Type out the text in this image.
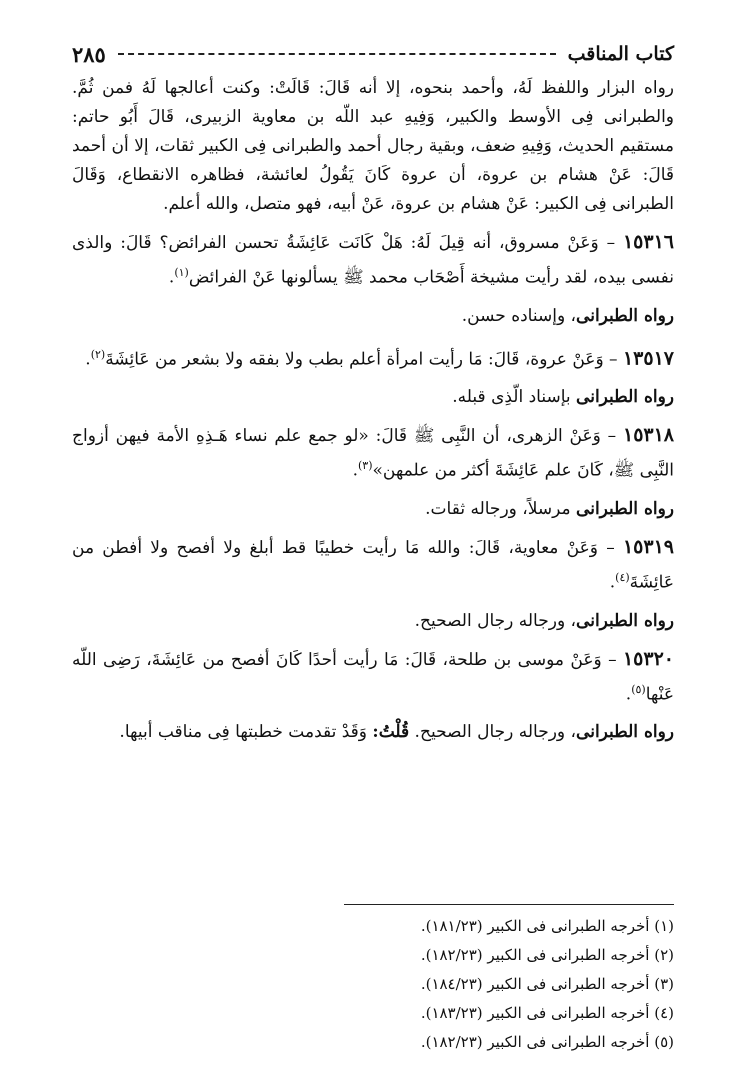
كتاب المناقب
٢٨٥

رواه البزار واللفظ لَهُ، وأحمد بنحوه، إلا أنه قَالَ: قَالَتْ: وكنت أعالجها لَهُ فمن ثُمَّ. والطبرانى فِى الأوسط والكبير، وَفِيهِ عبد اللّه بن معاوية الزبيرى، قَالَ أَبُو حاتم: مستقيم الحديث، وَفِيهِ ضعف، وبقية رجال أحمد والطبرانى فِى الكبير ثقات، إلا أن أحمد قَالَ: عَنْ هشام بن عروة، أن عروة كَانَ يَقُولُ لعائشة، فظاهره الانقطاع، وَقَالَ الطبرانى فِى الكبير: عَنْ هشام بن عروة، عَنْ أبيه، فهو متصل، والله أعلم.

١٥٣١٦ – وَعَنْ مسروق، أنه قِيلَ لَهُ: هَلْ كَانَت عَائِشَةُ تحسن الفرائض؟ قَالَ: والذى نفسى بيده، لقد رأيت مشيخة أَصْحَاب محمد ﷺ يسألونها عَنْ الفرائض$^{(١)}$.

رواه الطبرانى، وإسناده حسن.

١٣٥١٧ – وَعَنْ عروة، قَالَ: مَا رأيت امرأة أعلم بطب ولا بفقه ولا بشعر من عَائِشَةَ$^{(٢)}$.

رواه الطبرانى بإسناد الّذِى قبله.

١٥٣١٨ – وَعَنْ الزهرى، أن النَّبِى ﷺ قَالَ: «لو جمع علم نساء هَـذِهِ الأمة فيهن أزواج النَّبِى ﷺ، كَانَ علم عَائِشَةَ أكثر من علمهن»$^{(٣)}$.

رواه الطبرانى مرسلاً، ورجاله ثقات.

١٥٣١٩ – وَعَنْ معاوية، قَالَ: والله مَا رأيت خطيبًا قط أبلغ ولا أفصح ولا أفطن من عَائِشَةَ$^{(٤)}$.

رواه الطبرانى، ورجاله رجال الصحيح.

١٥٣٢٠ – وَعَنْ موسى بن طلحة، قَالَ: مَا رأيت أحدًا كَانَ أفصح من عَائِشَةَ، رَضِى اللّه عَنْها$^{(٥)}$.

رواه الطبرانى، ورجاله رجال الصحيح. قُلْتُ: وَقَدْ تقدمت خطبتها فِى مناقب أبيها.

(١) أخرجه الطبرانى فى الكبير (١٨١/٢٣).

(٢) أخرجه الطبرانى فى الكبير (١٨٢/٢٣).

(٣) أخرجه الطبرانى فى الكبير (١٨٤/٢٣).

(٤) أخرجه الطبرانى فى الكبير (١٨٣/٢٣).

(٥) أخرجه الطبرانى فى الكبير (١٨٢/٢٣).
